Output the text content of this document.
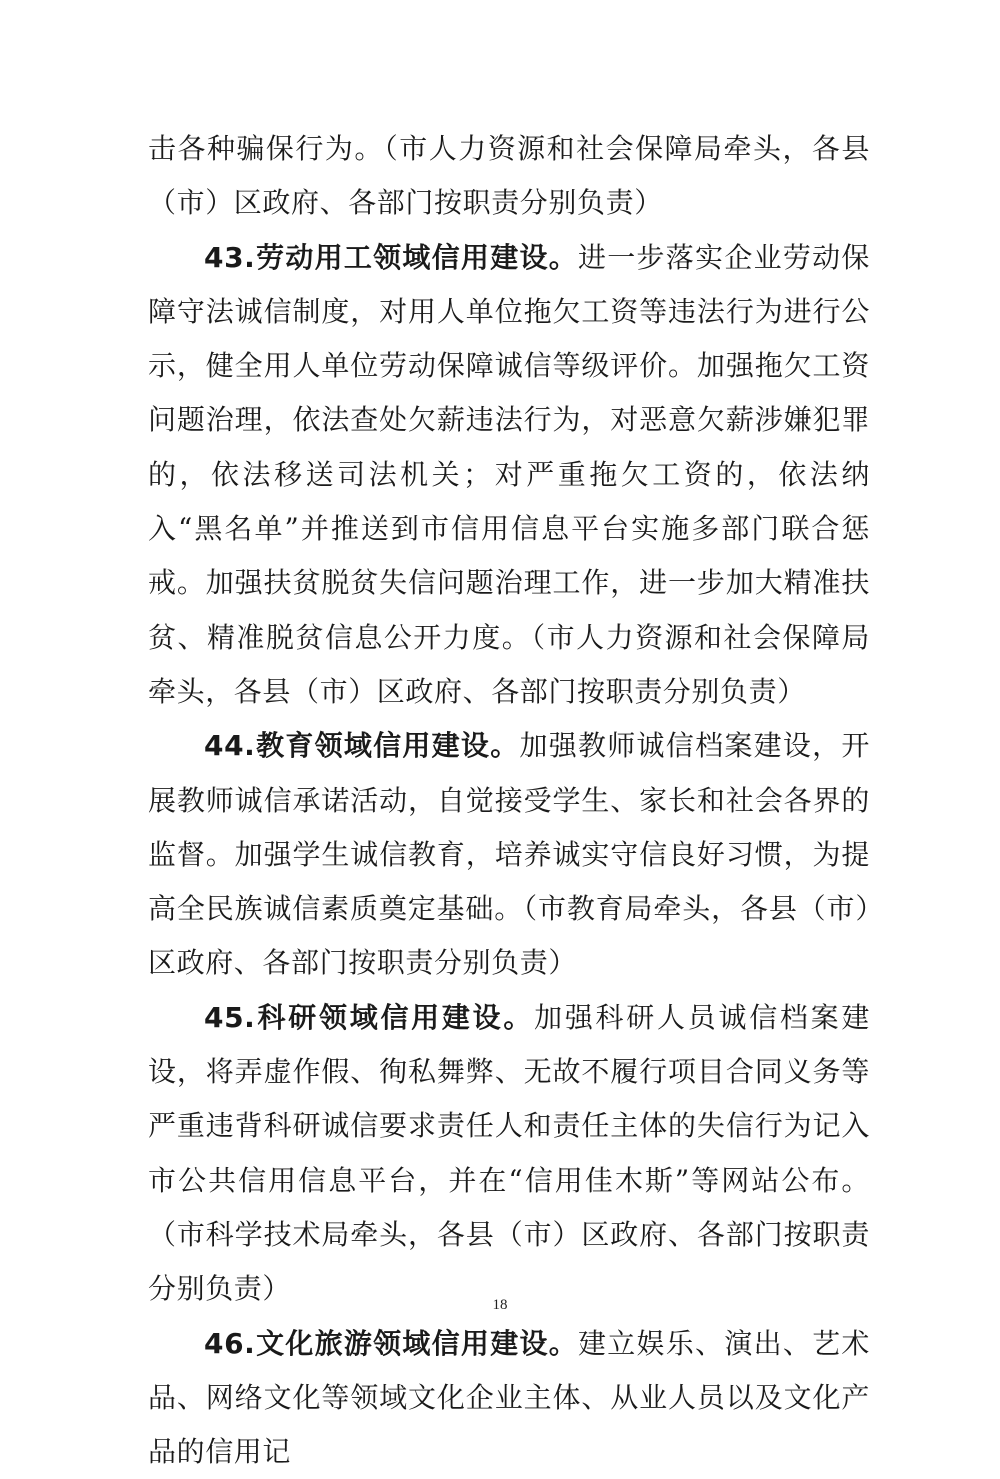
击各种骗保行为。（市人力资源和社会保障局牵头，各县（市）区政府、各部门按职责分别负责）

43.劳动用工领域信用建设。进一步落实企业劳动保障守法诚信制度，对用人单位拖欠工资等违法行为进行公示，健全用人单位劳动保障诚信等级评价。加强拖欠工资问题治理，依法查处欠薪违法行为，对恶意欠薪涉嫌犯罪的，依法移送司法机关；对严重拖欠工资的，依法纳入“黑名单”并推送到市信用信息平台实施多部门联合惩戒。加强扶贫脱贫失信问题治理工作，进一步加大精准扶贫、精准脱贫信息公开力度。（市人力资源和社会保障局牵头，各县（市）区政府、各部门按职责分别负责）

44.教育领域信用建设。加强教师诚信档案建设，开展教师诚信承诺活动，自觉接受学生、家长和社会各界的监督。加强学生诚信教育，培养诚实守信良好习惯，为提高全民族诚信素质奠定基础。（市教育局牵头，各县（市）区政府、各部门按职责分别负责）

45.科研领域信用建设。加强科研人员诚信档案建设，将弄虚作假、徇私舞弊、无故不履行项目合同义务等严重违背科研诚信要求责任人和责任主体的失信行为记入市公共信用信息平台，并在“信用佳木斯”等网站公布。（市科学技术局牵头，各县（市）区政府、各部门按职责分别负责）

46.文化旅游领域信用建设。建立娱乐、演出、艺术品、网络文化等领域文化企业主体、从业人员以及文化产品的信用记

18
